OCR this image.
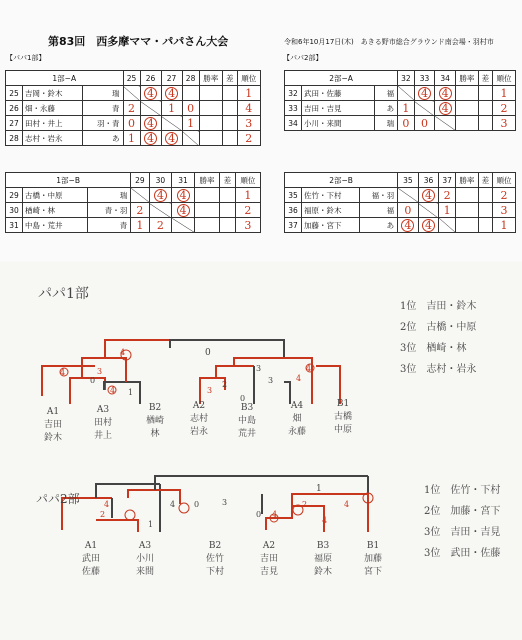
第83回　西多摩ママ・パパさん大会	令和6年10月17日(木)　あきる野市総合グラウンド南会場・羽村市
【パパ1部】	【パパ2部】
1部−A			25	26	27	28	勝率	差	順位
25	吉岡・鈴木	瑞		4	4				1
26	畑・永藤	青	2		1	0			4
27	田村・井上	羽・青	0	4		1			3
28	志村・岩永	あ	1	4	4				2
2部−A			32	33	34	勝率	差	順位
32	武田・佐藤	福		4	4			1
33	吉田・吉見	あ	1		4			2
34	小川・来間	瑞	0	0				3
1部−B			29	30	31	勝率	差	順位
29	古橋・中原	瑞		4	4			1
30	楢崎・林	青・羽	2		4			2
31	中島・荒井	青	1	2				3
2部−B			35	36	37	勝率	差	順位
35	佐竹・下村	福・羽		4	2			2
36	福原・鈴木	福	0		1			3
37	加藤・宮下	あ	4	4				1
パパ1部
4	0
4
3	3
4
2
3
4
0
1
3	4
0
A1
吉田
鈴木
A3
田村
井上
B2
楢崎
林
A2
志村
岩永
B3
中島
荒井
A4
畑
永藤
B1
古橋
中原
1位　吉田・鈴木
2位　古橋・中原
3位　楢崎・林
3位　志村・岩永
パパ2部	4
1
2
4 0
4
2
3	4
0
4
1
A1
武田
佐藤
A3
小川
来間
B2
佐竹
下村
A2
吉田
吉見
B3
福原
鈴木
B1
加藤
宮下
1位　佐竹・下村
2位　加藤・宮下
3位　吉田・吉見
3位　武田・佐藤
